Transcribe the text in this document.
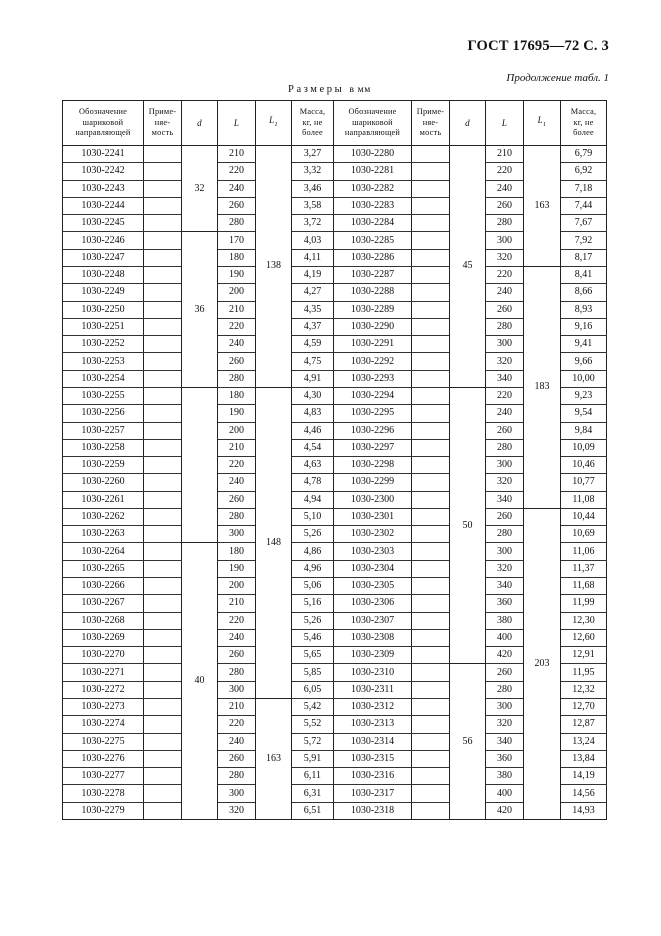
ГОСТ 17695—72 С. 3
Продолжение табл. 1
Размеры в мм
Обозначение
шариковой
направляющей	Приме-
няе-
мость	d	L	$L_1$	Масса,
кг, не
более	Обозначение
шариковой
направляющей	Приме-
няе-
мость	d	L	$L_1$	Масса,
кг, не
более
1030-2241		32	210	138	3,27	1030-2280		45	210	163	6,79
1030-2242			220		3,32	1030-2281			220		6,92
1030-2243			240		3,46	1030-2282			240		7,18
1030-2244			260		3,58	1030-2283			260		7,44
1030-2245			280		3,72	1030-2284			280		7,67
1030-2246		36	170		4,03	1030-2285			300		7,92
1030-2247			180		4,11	1030-2286			320		8,17
1030-2248			190		4,19	1030-2287			220	183	8,41
1030-2249			200		4,27	1030-2288			240		8,66
1030-2250			210		4,35	1030-2289			260		8,93
1030-2251			220		4,37	1030-2290			280		9,16
1030-2252			240		4,59	1030-2291			300		9,41
1030-2253			260		4,75	1030-2292			320		9,66
1030-2254			280		4,91	1030-2293			340		10,00
1030-2255			180	148	4,30	1030-2294		50	220		9,23
1030-2256			190		4,83	1030-2295			240		9,54
1030-2257			200		4,46	1030-2296			260		9,84
1030-2258			210		4,54	1030-2297			280		10,09
1030-2259			220		4,63	1030-2298			300		10,46
1030-2260			240		4,78	1030-2299			320		10,77
1030-2261			260		4,94	1030-2300			340		11,08
1030-2262			280		5,10	1030-2301			260	203	10,44
1030-2263			300		5,26	1030-2302			280		10,69
1030-2264		40	180		4,86	1030-2303			300		11,06
1030-2265			190		4,96	1030-2304			320		11,37
1030-2266			200		5,06	1030-2305			340		11,68
1030-2267			210		5,16	1030-2306			360		11,99
1030-2268			220		5,26	1030-2307			380		12,30
1030-2269			240		5,46	1030-2308			400		12,60
1030-2270			260		5,65	1030-2309			420		12,91
1030-2271			280		5,85	1030-2310		56	260		11,95
1030-2272			300		6,05	1030-2311			280		12,32
1030-2273			210	163	5,42	1030-2312			300		12,70
1030-2274			220		5,52	1030-2313			320		12,87
1030-2275			240		5,72	1030-2314			340		13,24
1030-2276			260		5,91	1030-2315			360		13,84
1030-2277			280		6,11	1030-2316			380		14,19
1030-2278			300		6,31	1030-2317			400		14,56
1030-2279			320		6,51	1030-2318			420		14,93
